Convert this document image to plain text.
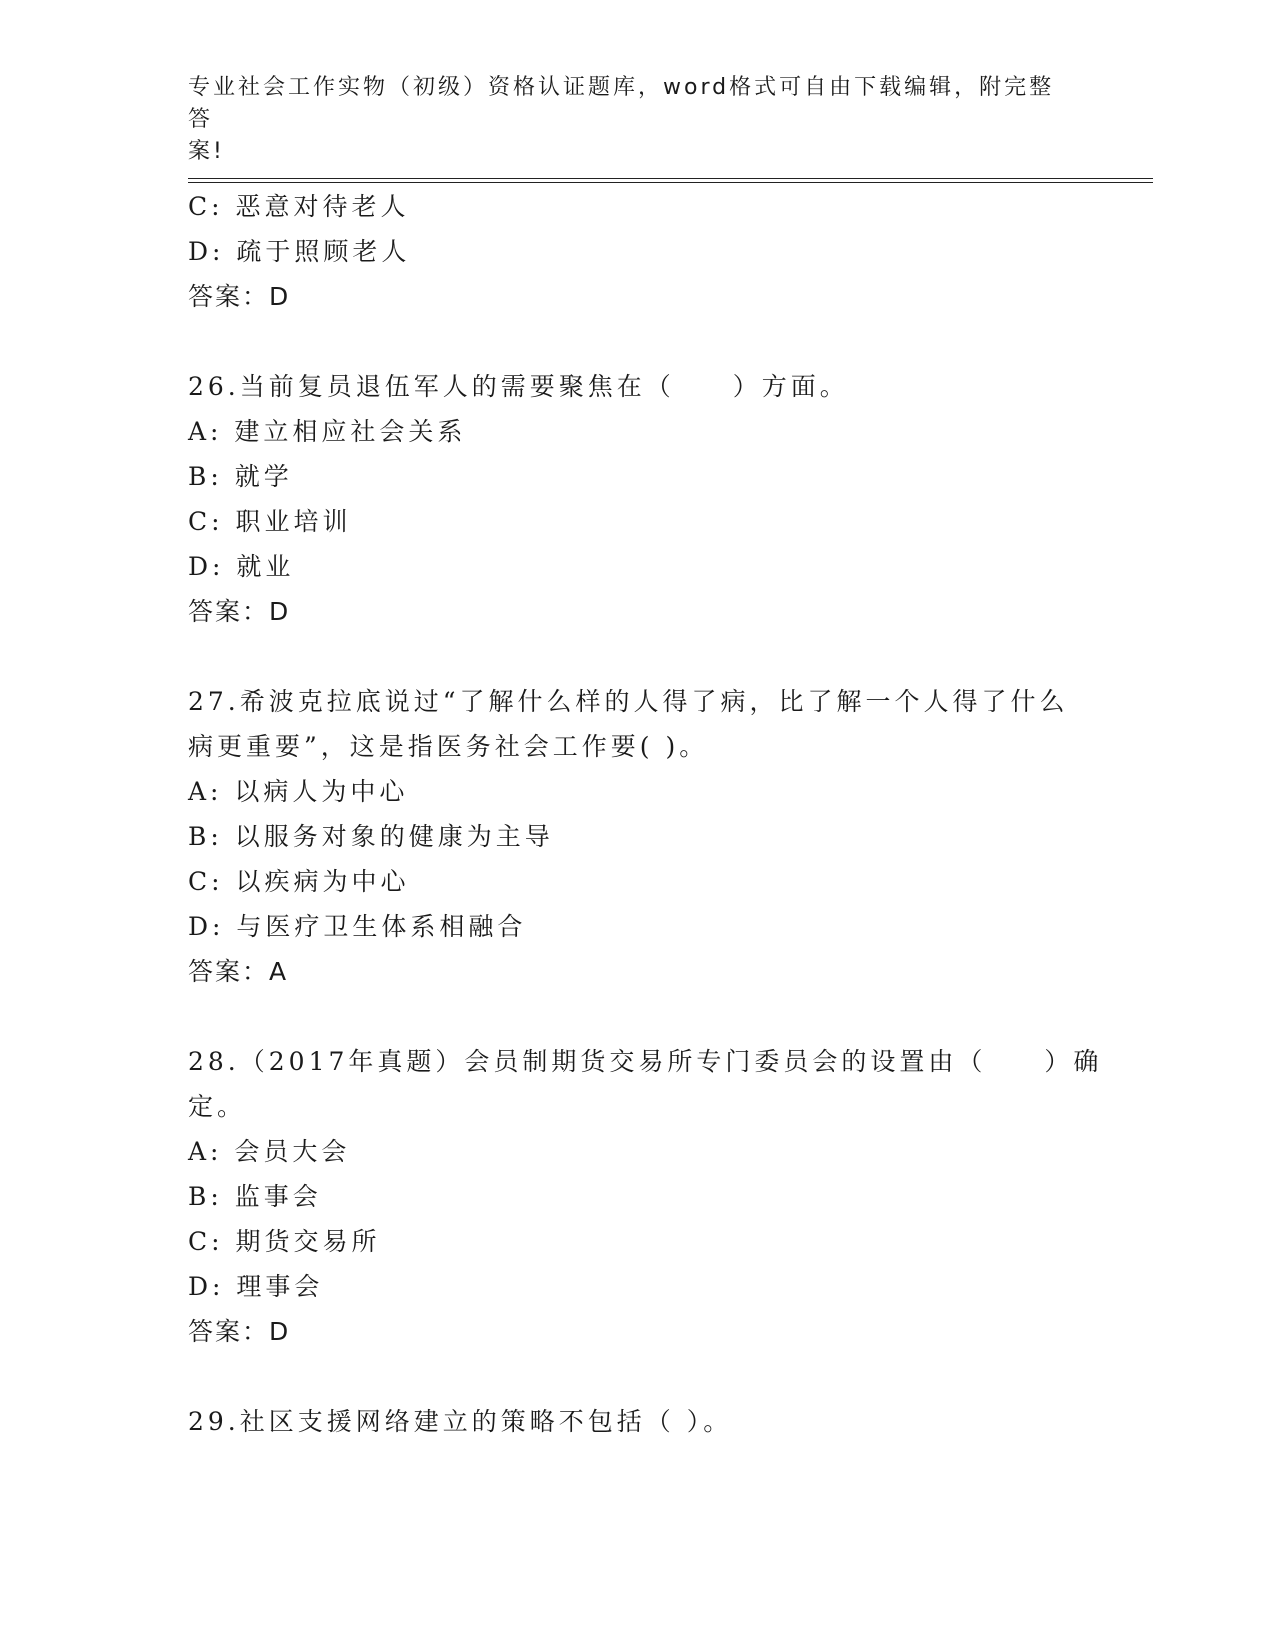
专业社会工作实物（初级）资格认证题库，word格式可自由下载编辑，附完整答
案!
C: 恶意对待老人
D: 疏于照顾老人
答案：D
26.当前复员退伍军人的需要聚焦在（　　）方面。
A: 建立相应社会关系
B: 就学
C: 职业培训
D: 就业
答案：D
27.希波克拉底说过“了解什么样的人得了病，比了解一个人得了什么
病更重要”，这是指医务社会工作要( )。
A: 以病人为中心
B: 以服务对象的健康为主导
C: 以疾病为中心
D: 与医疗卫生体系相融合
答案：A
28.（2017年真题）会员制期货交易所专门委员会的设置由（　　）确
定。
A: 会员大会
B: 监事会
C: 期货交易所
D: 理事会
答案：D
29.社区支援网络建立的策略不包括（ ）。
